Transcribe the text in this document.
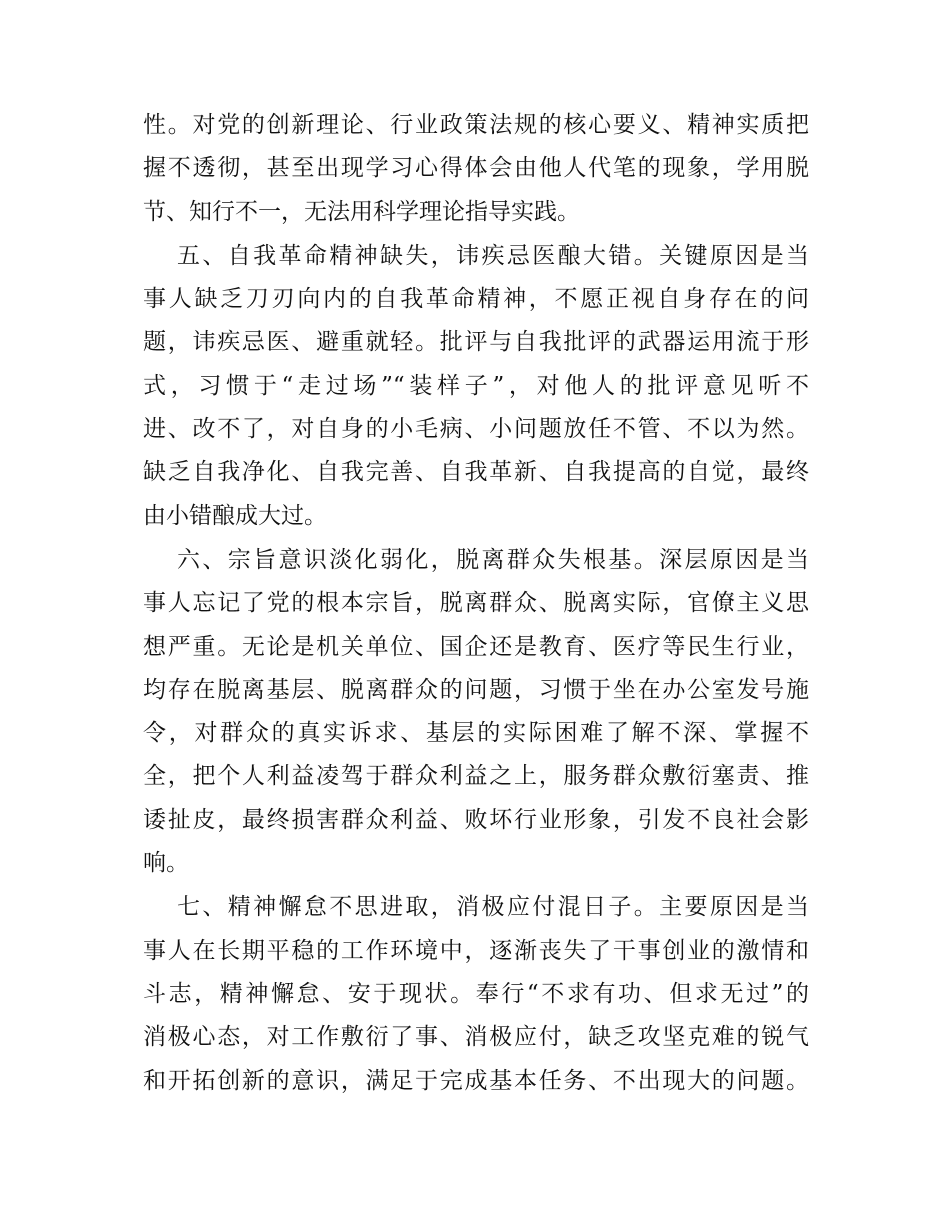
性。对党的创新理论、行业政策法规的核心要义、精神实质把
握不透彻，甚至出现学习心得体会由他人代笔的现象，学用脱
节、知行不一，无法用科学理论指导实践。
五、自我革命精神缺失，讳疾忌医酿大错。关键原因是当
事人缺乏刀刃向内的自我革命精神，不愿正视自身存在的问
题，讳疾忌医、避重就轻。批评与自我批评的武器运用流于形
式，习惯于“走过场”“装样子”，对他人的批评意见听不
进、改不了，对自身的小毛病、小问题放任不管、不以为然。
缺乏自我净化、自我完善、自我革新、自我提高的自觉，最终
由小错酿成大过。
六、宗旨意识淡化弱化，脱离群众失根基。深层原因是当
事人忘记了党的根本宗旨，脱离群众、脱离实际，官僚主义思
想严重。无论是机关单位、国企还是教育、医疗等民生行业，
均存在脱离基层、脱离群众的问题，习惯于坐在办公室发号施
令，对群众的真实诉求、基层的实际困难了解不深、掌握不
全，把个人利益凌驾于群众利益之上，服务群众敷衍塞责、推
诿扯皮，最终损害群众利益、败坏行业形象，引发不良社会影
响。
七、精神懈怠不思进取，消极应付混日子。主要原因是当
事人在长期平稳的工作环境中，逐渐丧失了干事创业的激情和
斗志，精神懈怠、安于现状。奉行“不求有功、但求无过”的
消极心态，对工作敷衍了事、消极应付，缺乏攻坚克难的锐气
和开拓创新的意识，满足于完成基本任务、不出现大的问题。
